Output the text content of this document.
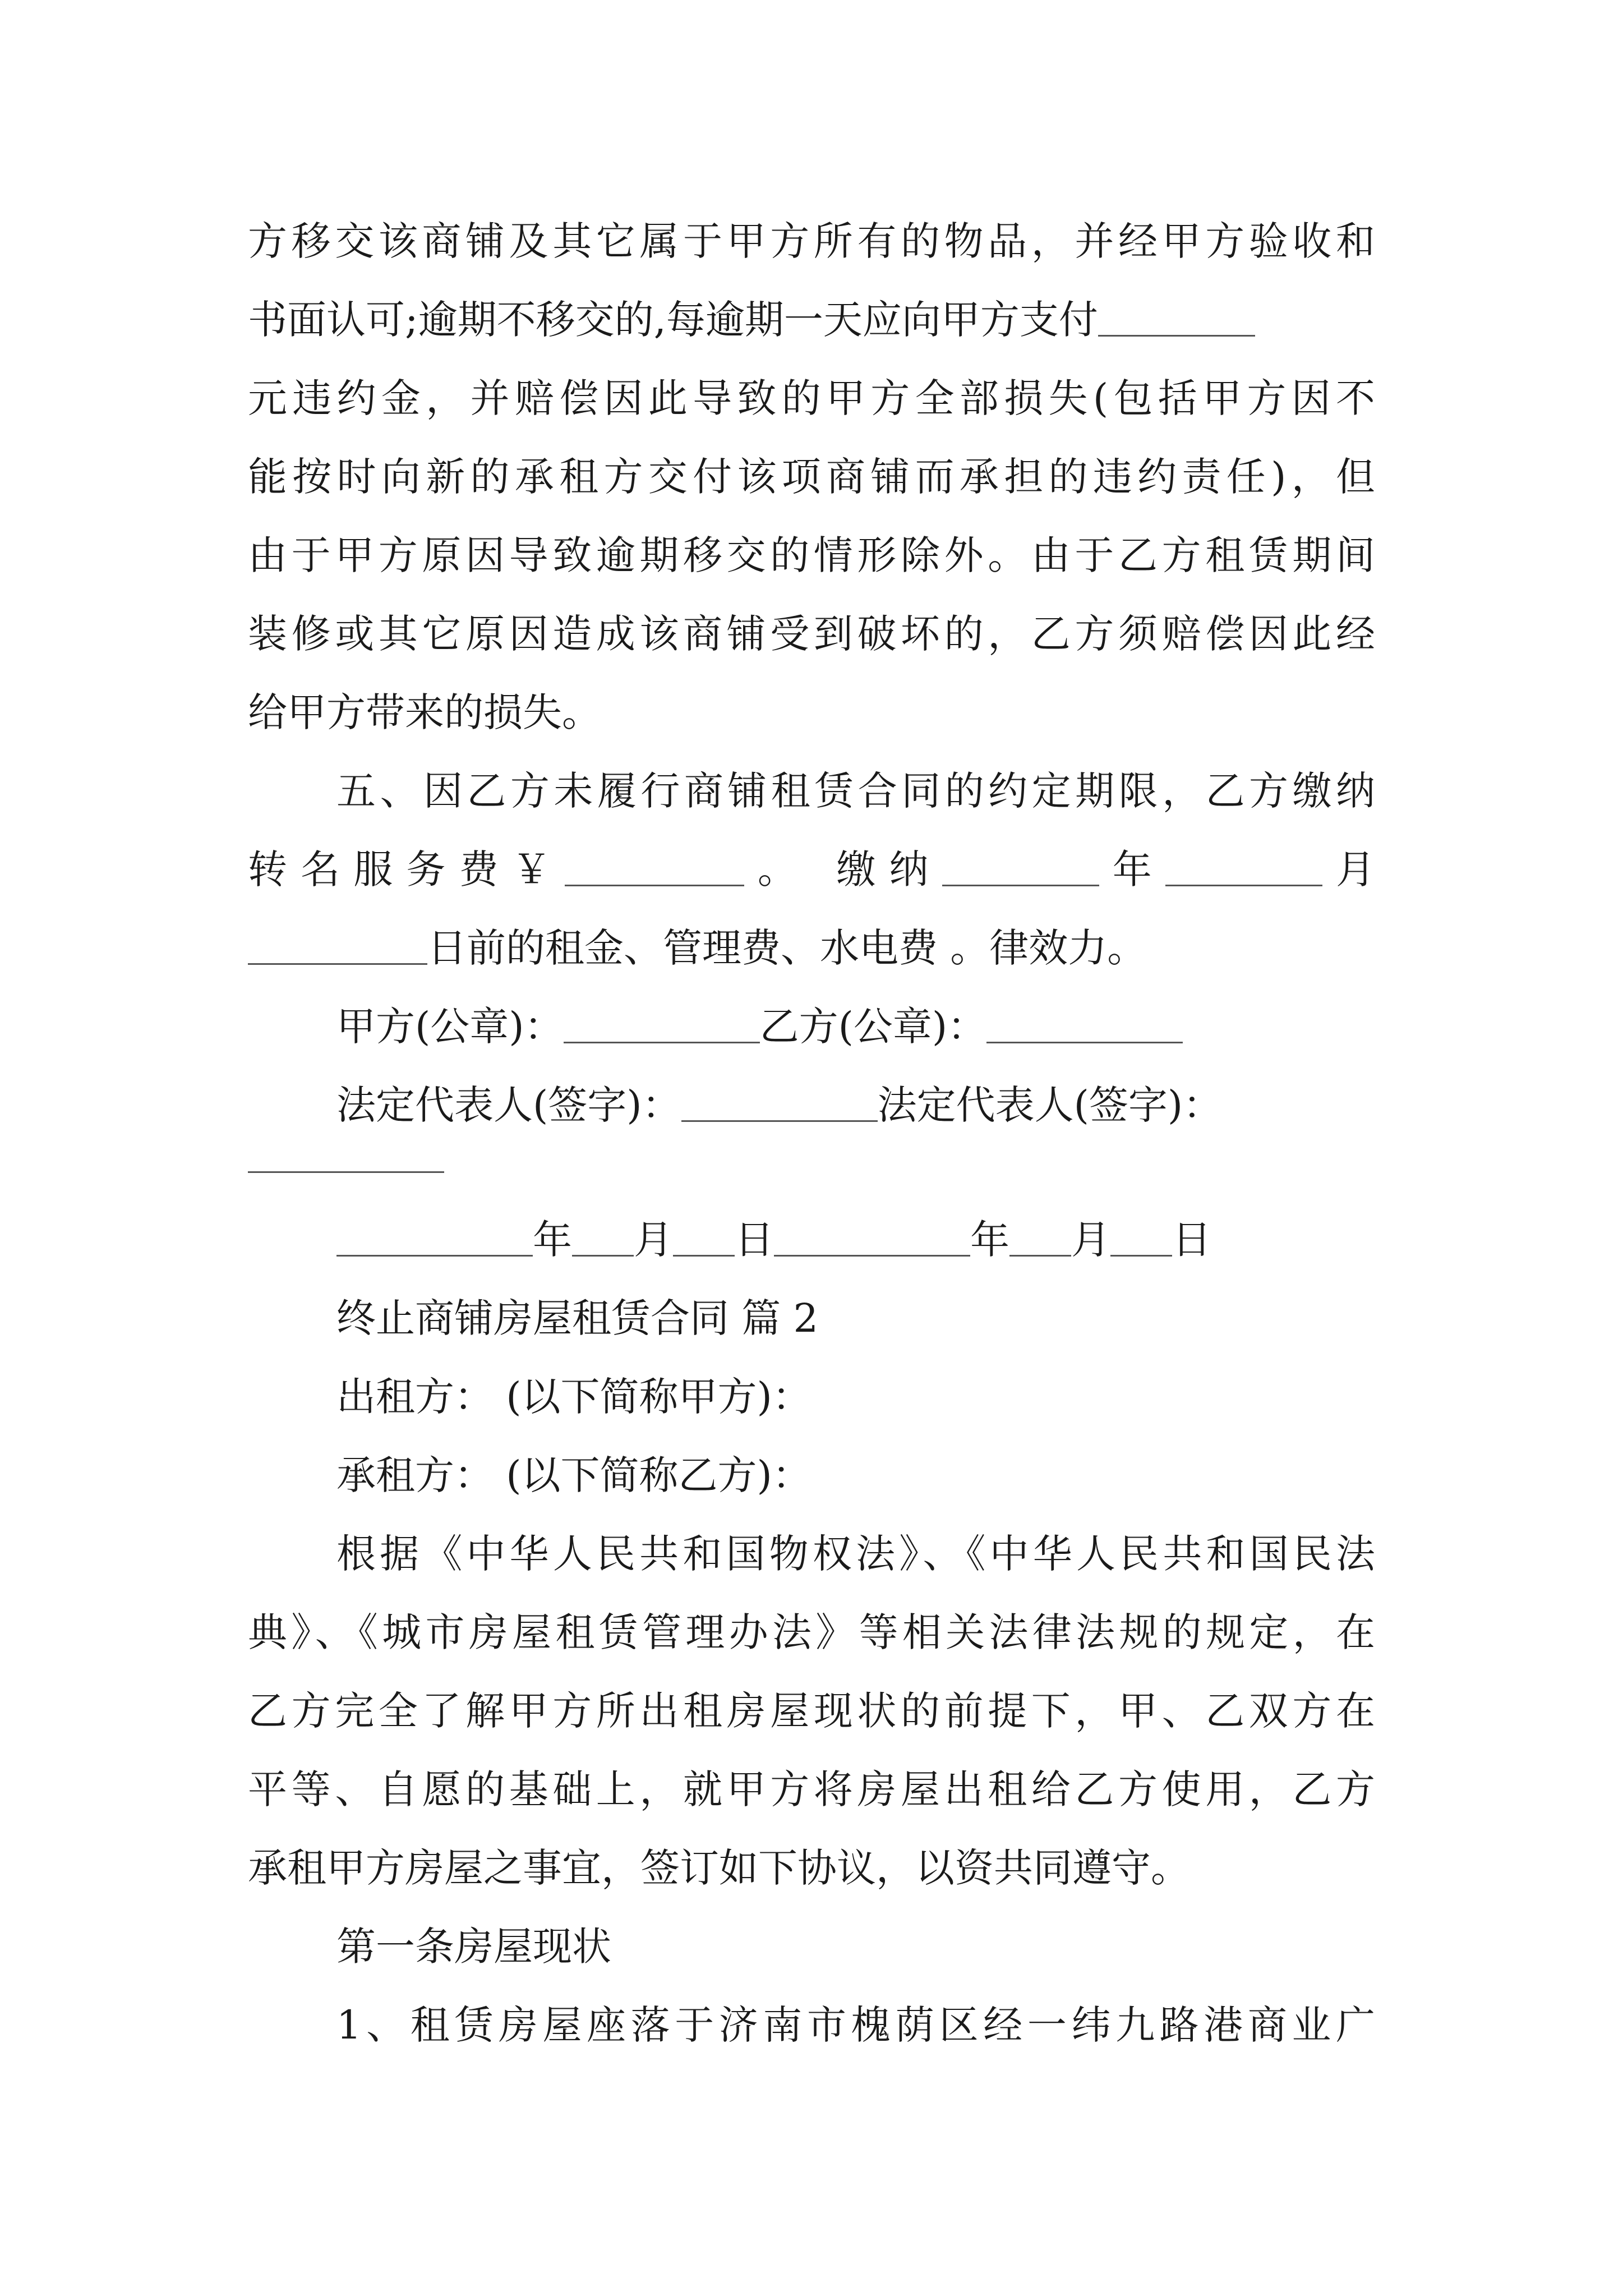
方移交该商铺及其它属于甲方所有的物品，并经甲方验收和
书面认可;逾期不移交的,每逾期一天应向甲方支付
元违约金，并赔偿因此导致的甲方全部损失(包括甲方因不
能按时向新的承租方交付该项商铺而承担的违约责任)，但
由于甲方原因导致逾期移交的情形除外。由于乙方租赁期间
装修或其它原因造成该商铺受到破坏的，乙方须赔偿因此经
给甲方带来的损失。
五、因乙方未履行商铺租赁合同的约定期限，乙方缴纳
转名服务费￥	。 缴纳	年	月
日前的租金、管理费、水电费 。律效力。
甲方(公章)：	乙方(公章)：
法定代表人(签字)：	法定代表人(签字)：
年 月 日	年 月 日
终止商铺房屋租赁合同 篇 2
出租方： (以下简称甲方)：
承租方： (以下简称乙方)：
根据《中华人民共和国物权法》、《中华人民共和国民法
典》、《城市房屋租赁管理办法》等相关法律法规的规定，在
乙方完全了解甲方所出租房屋现状的前提下，甲、乙双方在
平等、自愿的基础上，就甲方将房屋出租给乙方使用，乙方
承租甲方房屋之事宜，签订如下协议，以资共同遵守。
第一条房屋现状
1、租赁房屋座落于济南市槐荫区经一纬九路港商业广
